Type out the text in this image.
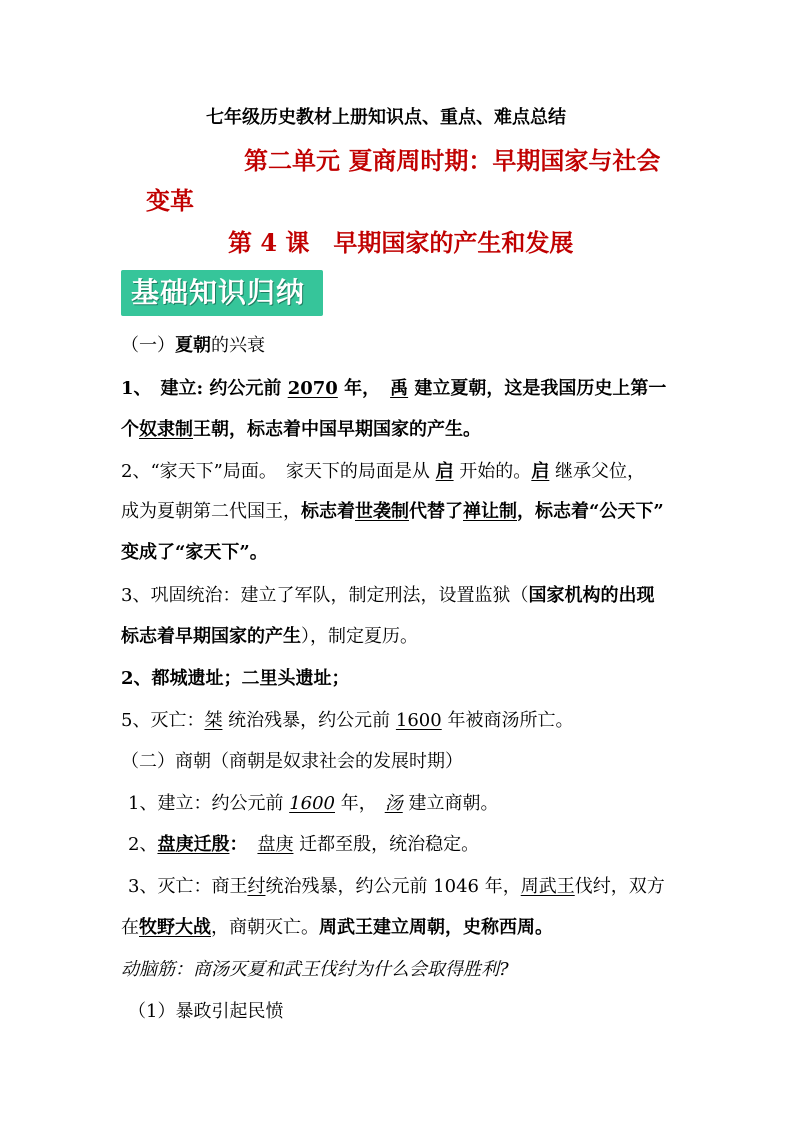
七年级历史教材上册知识点、重点、难点总结
第二单元 夏商周时期：早期国家与社会
变革
第 4 课　早期国家的产生和发展
基础知识归纳
（一）夏朝的兴衰
1、　建立: 约公元前 2070 年， 禹 建立夏朝，这是我国历史上第一
个奴隶制王朝，标志着中国早期国家的产生。
2、“家天下”局面。　家天下的局面是从 启 开始的。启 继承父位，
成为夏朝第二代国王，标志着世袭制代替了禅让制，标志着“公天下”
变成了“家天下”。
3、巩固统治：建立了军队，制定刑法，设置监狱（国家机构的出现
标志着早期国家的产生），制定夏历。
2、都城遗址；二里头遗址；
5、灭亡：桀 统治残暴，约公元前 1600 年被商汤所亡。
（二）商朝（商朝是奴隶社会的发展时期）
1、建立：约公元前 1600 年， 汤 建立商朝。
2、盘庚迁殷： 盘庚 迁都至殷，统治稳定。
3、灭亡：商王纣统治残暴，约公元前 1046 年，周武王伐纣，双方
在牧野大战，商朝灭亡。周武王建立周朝，史称西周。
动脑筋：商汤灭夏和武王伐纣为什么会取得胜利?
（1）暴政引起民愤
